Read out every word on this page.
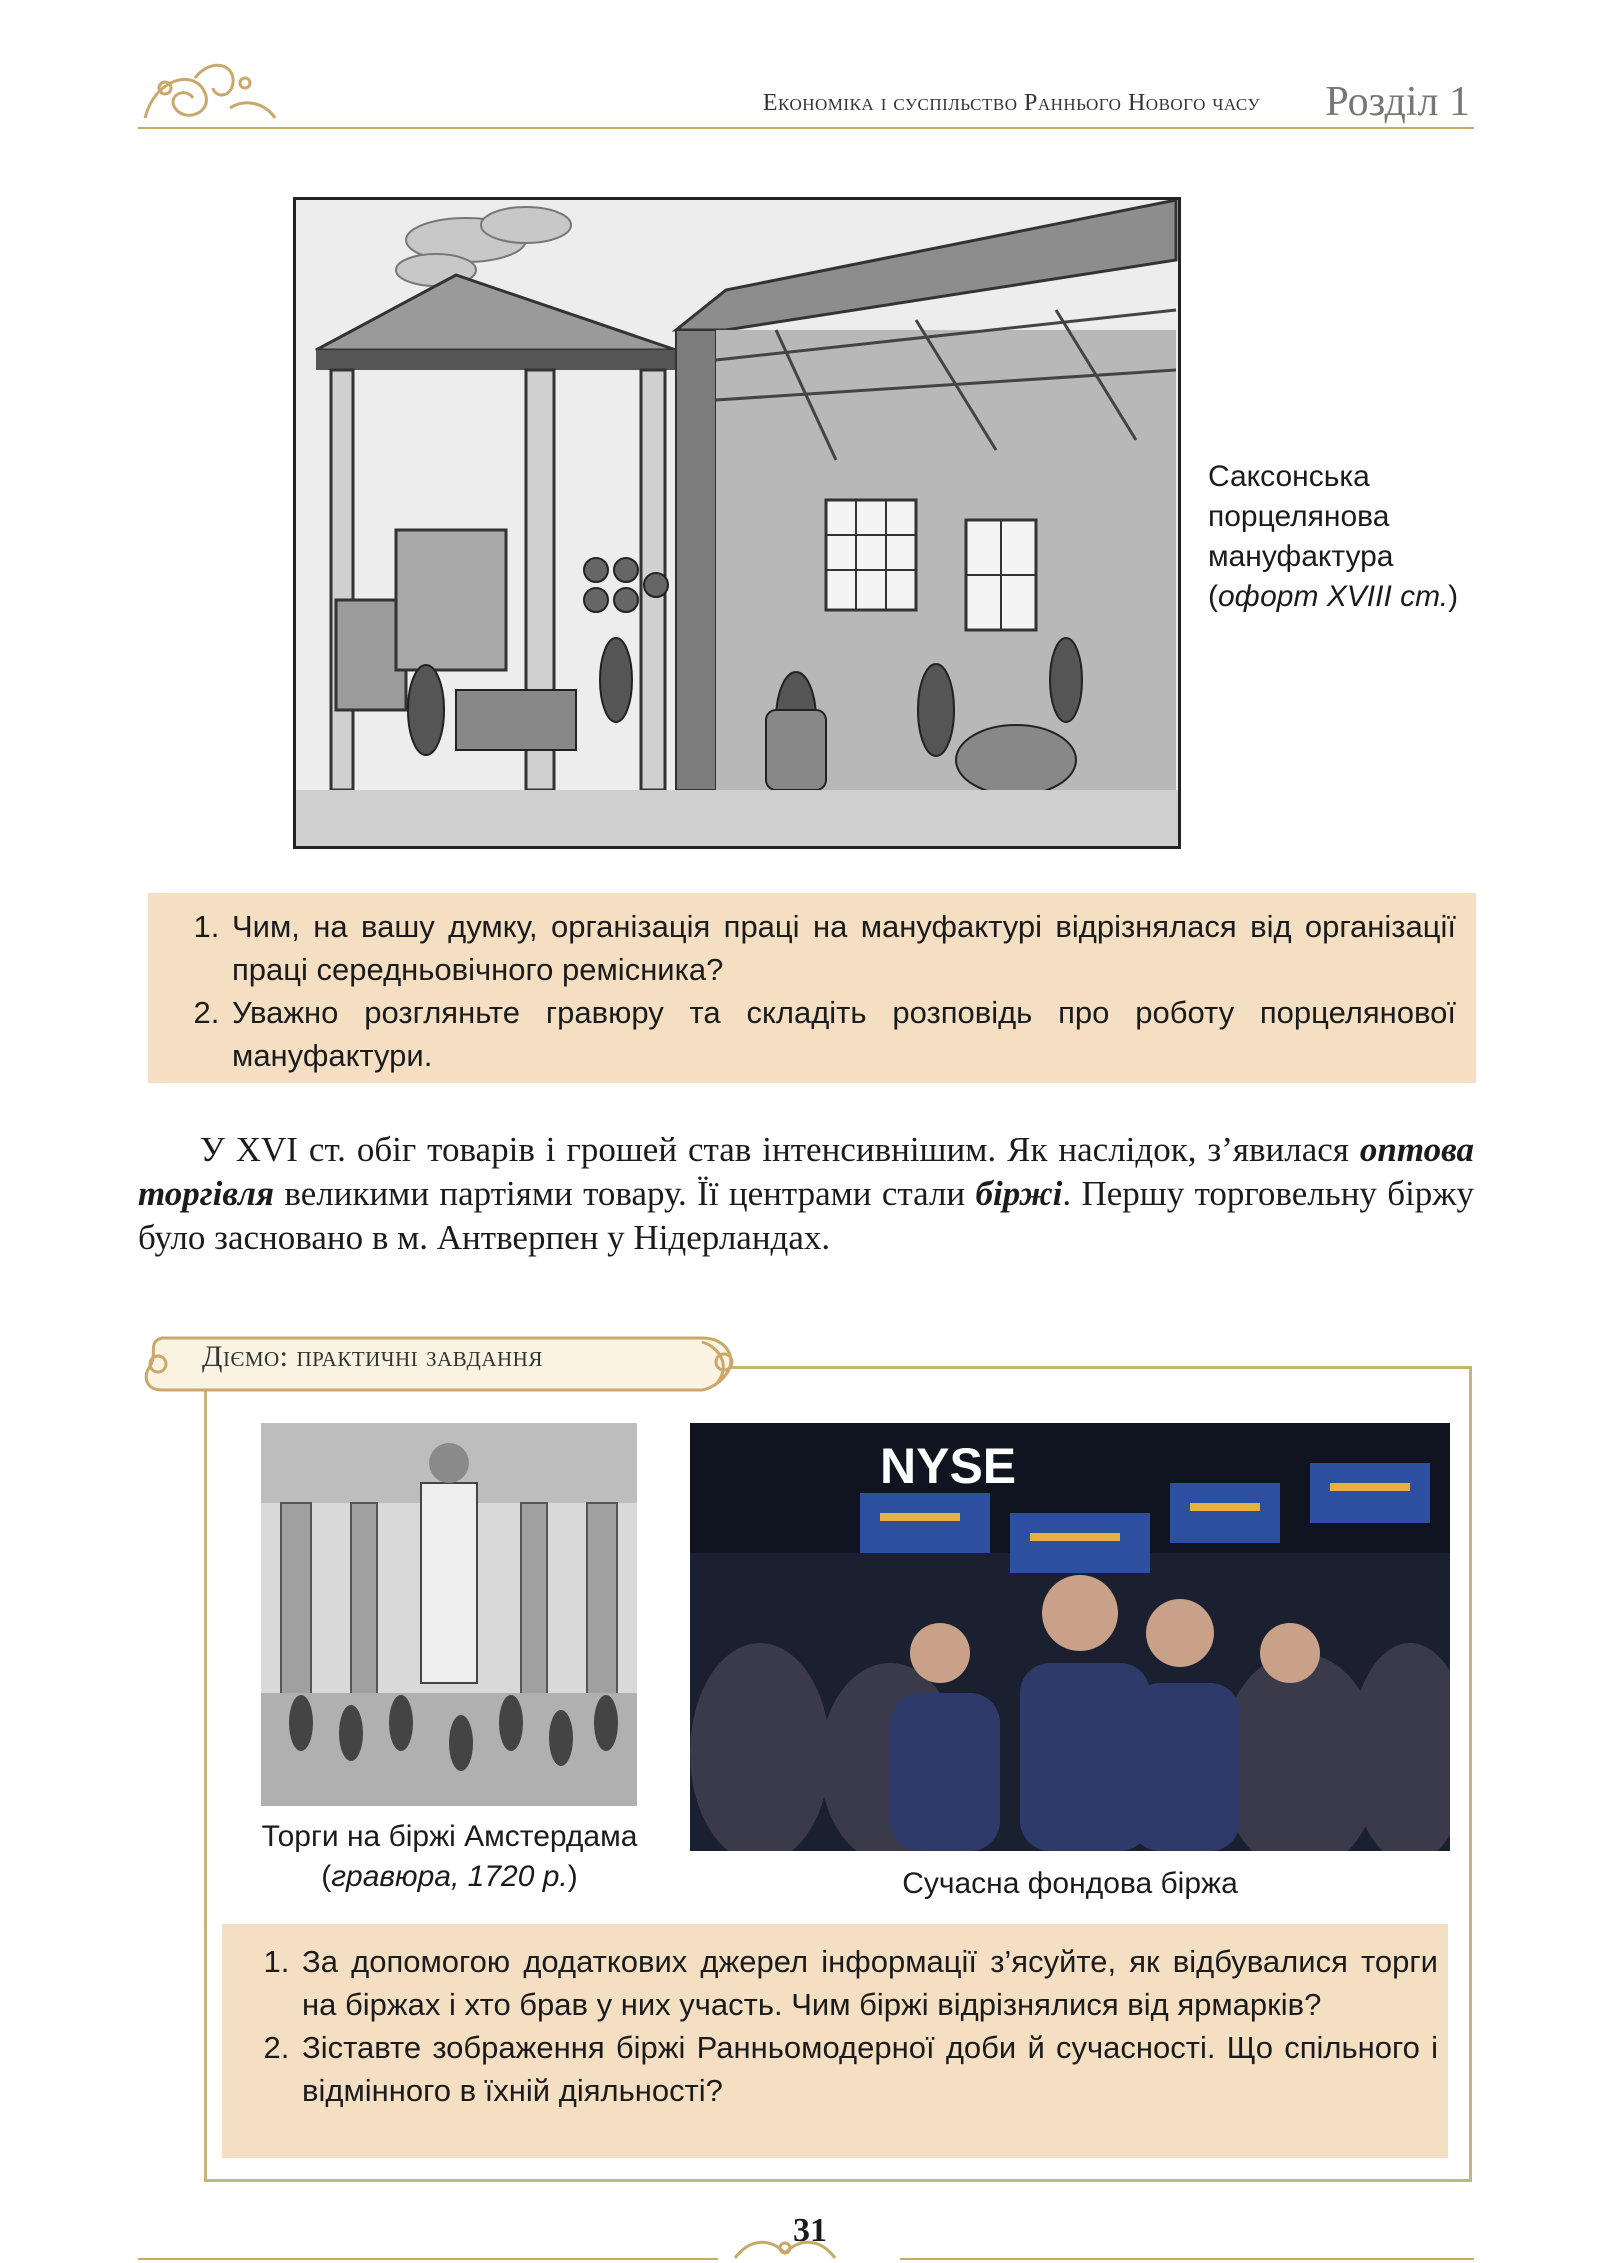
Економіка і суспільство Раннього Нового часу	Розділ 1
Саксонська
порцелянова
мануфактура
(офорт XVIII ст.)
1. Чим, на вашу думку, організація праці на мануфактурі відрізнялася від організації праці середньовічного ремісника?
2. Уважно розгляньте гравюру та складіть розповідь про роботу порцелянової мануфактури.
У XVI ст. обіг товарів і грошей став інтенсивнішим. Як наслідок, з’явилася оптова торгівля великими партіями товару. Її центрами стали біржі. Першу торговельну біржу було засновано в м. Антверпен у Нідерландах.
Діємо: практичні завдання
Торги на біржі Амстердама
(гравюра, 1720 р.)
NYSE
Сучасна фондова біржа
1. За допомогою додаткових джерел інформації з’ясуйте, як відбувалися торги на біржах і хто брав у них участь. Чим біржі відрізнялися від ярмарків?
2. Зіставте зображення біржі Ранньомодерної доби й сучасності. Що спільного і відмінного в їхній діяльності?
31
